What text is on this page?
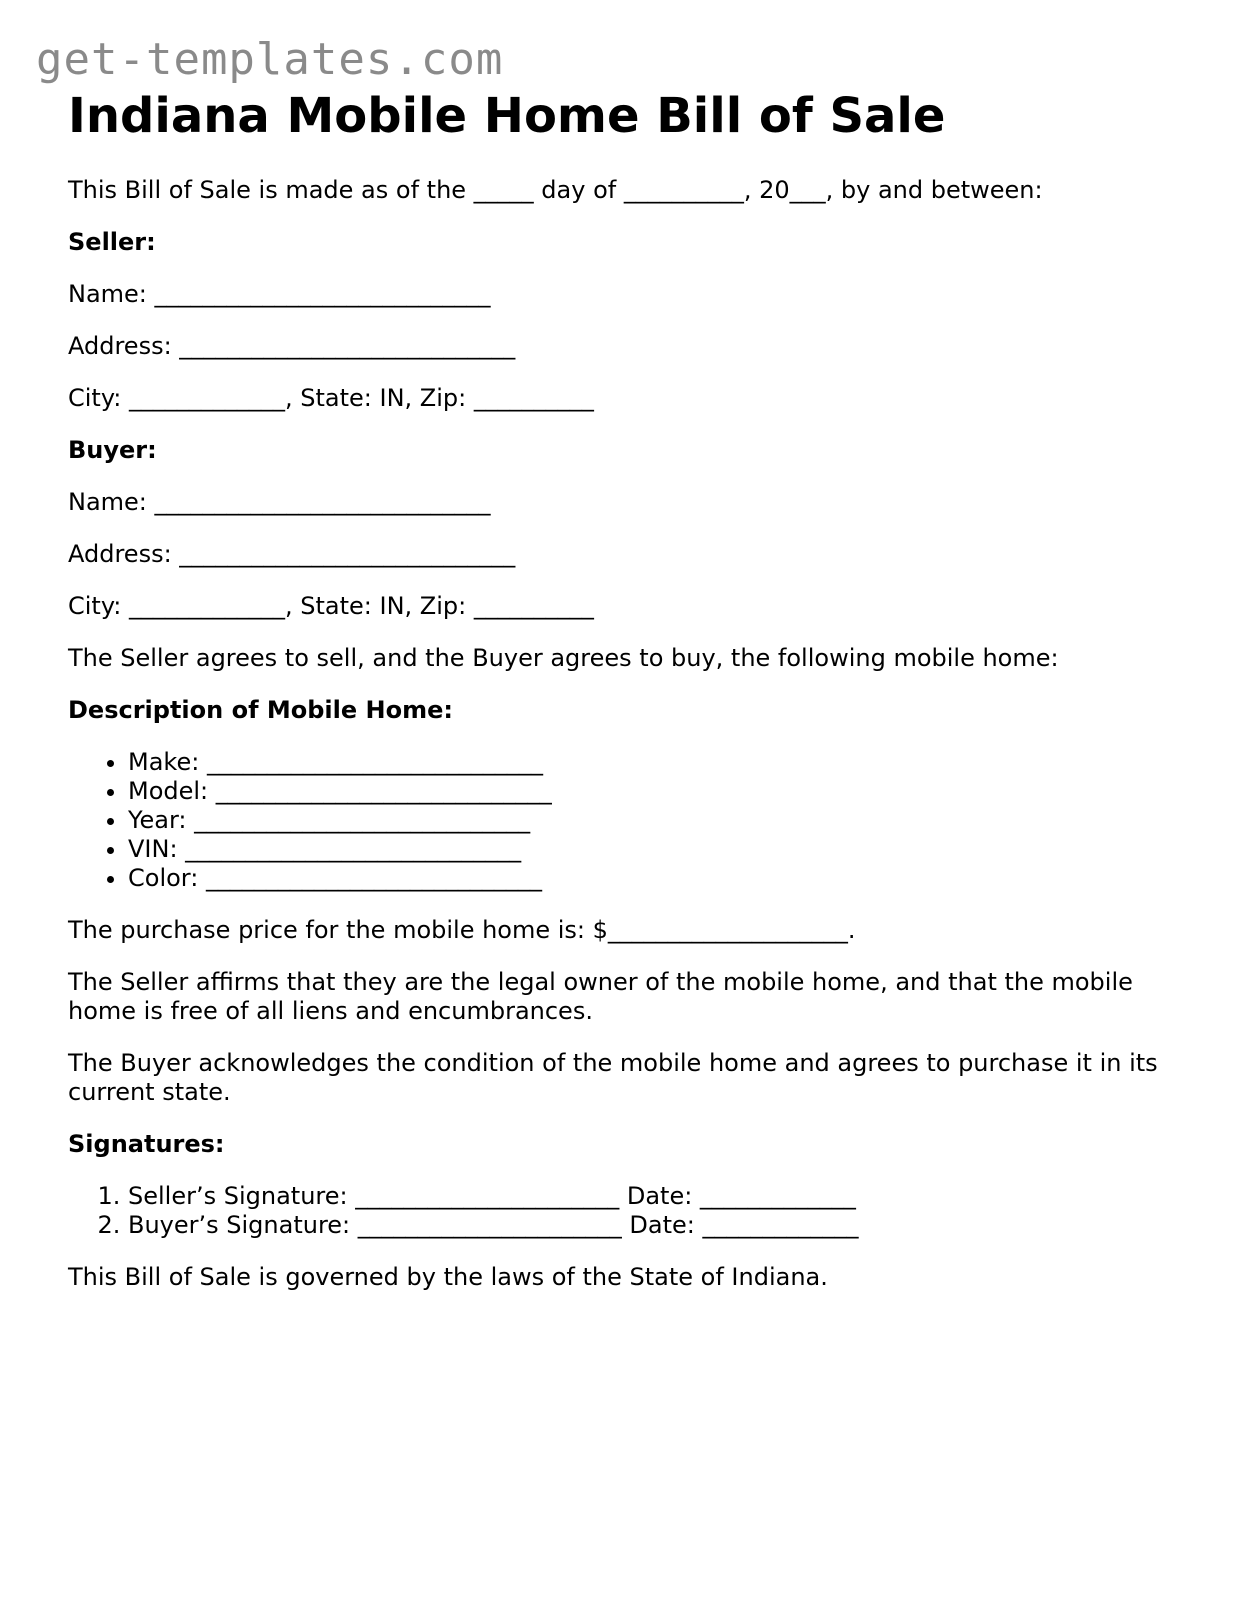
get-templates.com
Indiana Mobile Home Bill of Sale

This Bill of Sale is made as of the _____ day of __________, 20___, by and between:

Seller:

Name: ____________________________

Address: ____________________________

City: _____________, State: IN, Zip: __________

Buyer:

Name: ____________________________

Address: ____________________________

City: _____________, State: IN, Zip: __________

The Seller agrees to sell, and the Buyer agrees to buy, the following mobile home:

Description of Mobile Home:

• Make: ____________________________
• Model: ____________________________
• Year: ____________________________
• VIN: ____________________________
• Color: ____________________________

The purchase price for the mobile home is: $____________________.

The Seller affirms that they are the legal owner of the mobile home, and that the mobile home is free of all liens and encumbrances.

The Buyer acknowledges the condition of the mobile home and agrees to purchase it in its current state.

Signatures:

1. Seller’s Signature: ______________________ Date: _____________
2. Buyer’s Signature: ______________________ Date: _____________

This Bill of Sale is governed by the laws of the State of Indiana.
